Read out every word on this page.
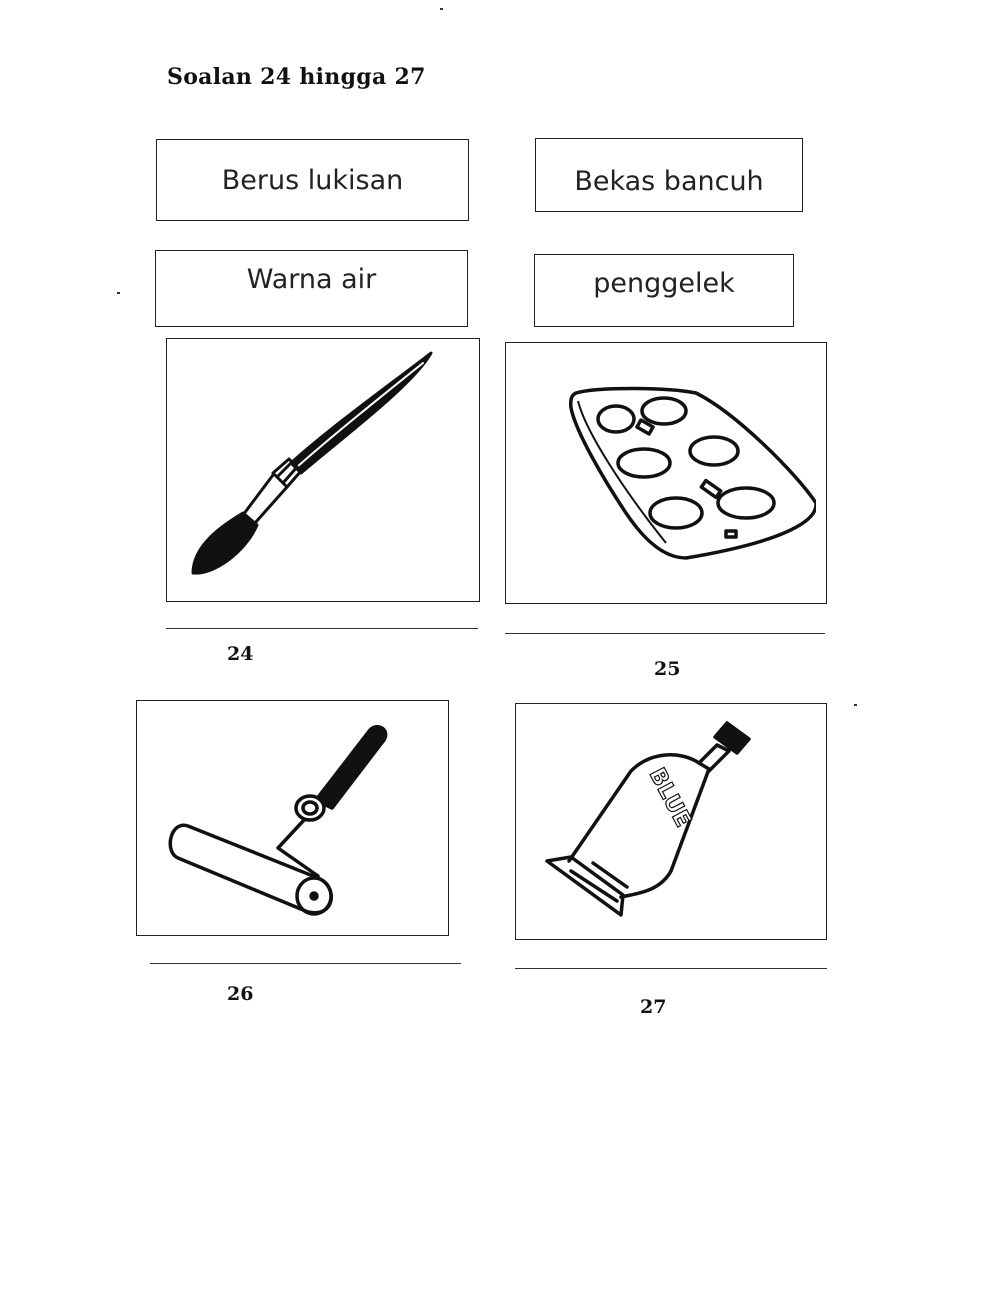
Soalan 24 hingga 27
Berus lukisan	Bekas bancuh
Warna air	penggelek
BLUE
24
25
26
27
